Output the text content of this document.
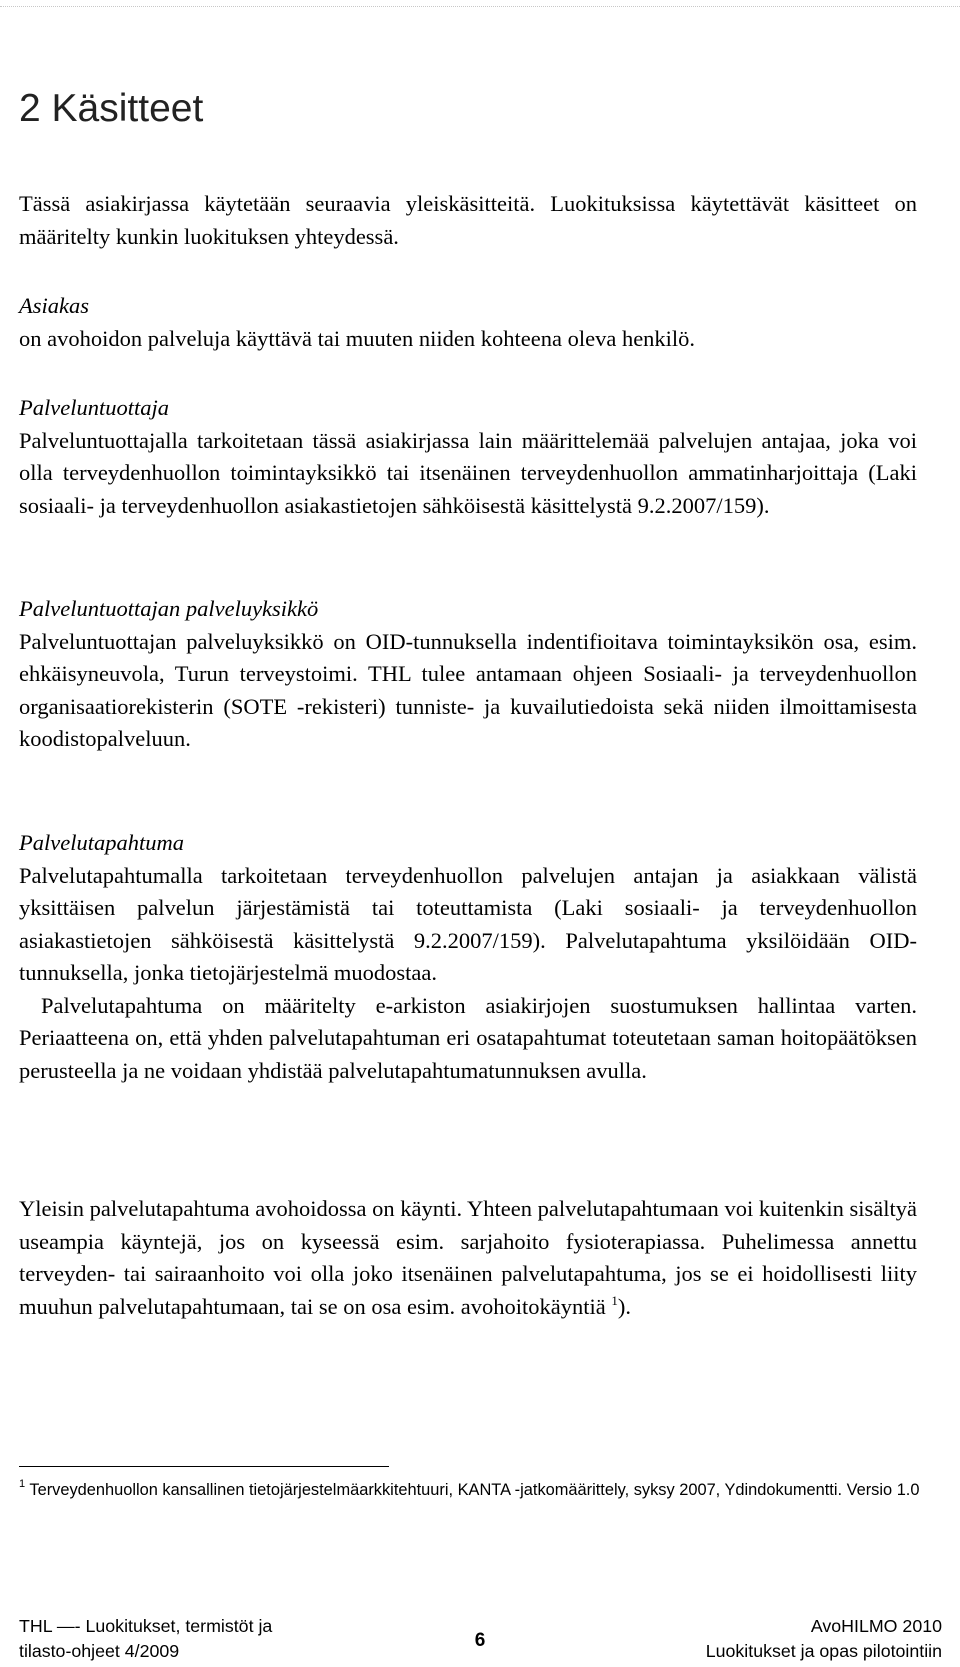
2 Käsitteet

Tässä asiakirjassa käytetään seuraavia yleiskäsitteitä. Luokituksissa käytettävät käsitteet on määritelty kunkin luokituksen yhteydessä.

Asiakas

on avohoidon palveluja käyttävä tai muuten niiden kohteena oleva henkilö.

Palveluntuottaja

Palveluntuottajalla tarkoitetaan tässä asiakirjassa lain määrittelemää palvelujen antajaa, joka voi olla terveydenhuollon toimintayksikkö tai itsenäinen terveydenhuollon ammatinharjoittaja (Laki sosiaali- ja terveydenhuollon asiakastietojen sähköisestä käsittelystä 9.2.2007/159).

Palveluntuottajan palveluyksikkö

Palveluntuottajan palveluyksikkö on OID-tunnuksella indentifioitava toimintayksikön osa, esim. ehkäisyneuvola, Turun terveystoimi. THL tulee antamaan ohjeen Sosiaali- ja terveydenhuollon organisaatiorekisterin (SOTE -rekisteri) tunniste- ja kuvailutiedoista sekä niiden ilmoittamisesta koodistopalveluun.

Palvelutapahtuma

Palvelutapahtumalla tarkoitetaan terveydenhuollon palvelujen antajan ja asiakkaan välistä yksittäisen palvelun järjestämistä tai toteuttamista (Laki sosiaali- ja terveydenhuollon asiakastietojen sähköisestä käsittelystä 9.2.2007/159). Palvelutapahtuma yksilöidään OID-tunnuksella, jonka tietojärjestelmä muodostaa.

Palvelutapahtuma on määritelty e-arkiston asiakirjojen suostumuksen hallintaa varten. Periaatteena on, että yhden palvelutapahtuman eri osatapahtumat toteutetaan saman hoitopäätöksen perusteella ja ne voidaan yhdistää palvelutapahtumatunnuksen avulla.

Yleisin palvelutapahtuma avohoidossa on käynti. Yhteen palvelutapahtumaan voi kuitenkin sisältyä useampia käyntejä, jos on kyseessä esim. sarjahoito fysioterapiassa. Puhelimessa annettu terveyden- tai sairaanhoito voi olla joko itsenäinen palvelutapahtuma, jos se ei hoidollisesti liity muuhun palvelutapahtumaan, tai se on osa esim. avohoitokäyntiä $^1$).

$^1$ Terveydenhuollon kansallinen tietojärjestelmäarkkitehtuuri, KANTA -jatkomäärittely, syksy 2007, Ydindokumentti. Versio 1.0
THL —- Luokitukset, termistöt ja
tilasto-ohjeet 4/2009	6
AvoHILMO 2010
Luokitukset ja opas pilotointiin
